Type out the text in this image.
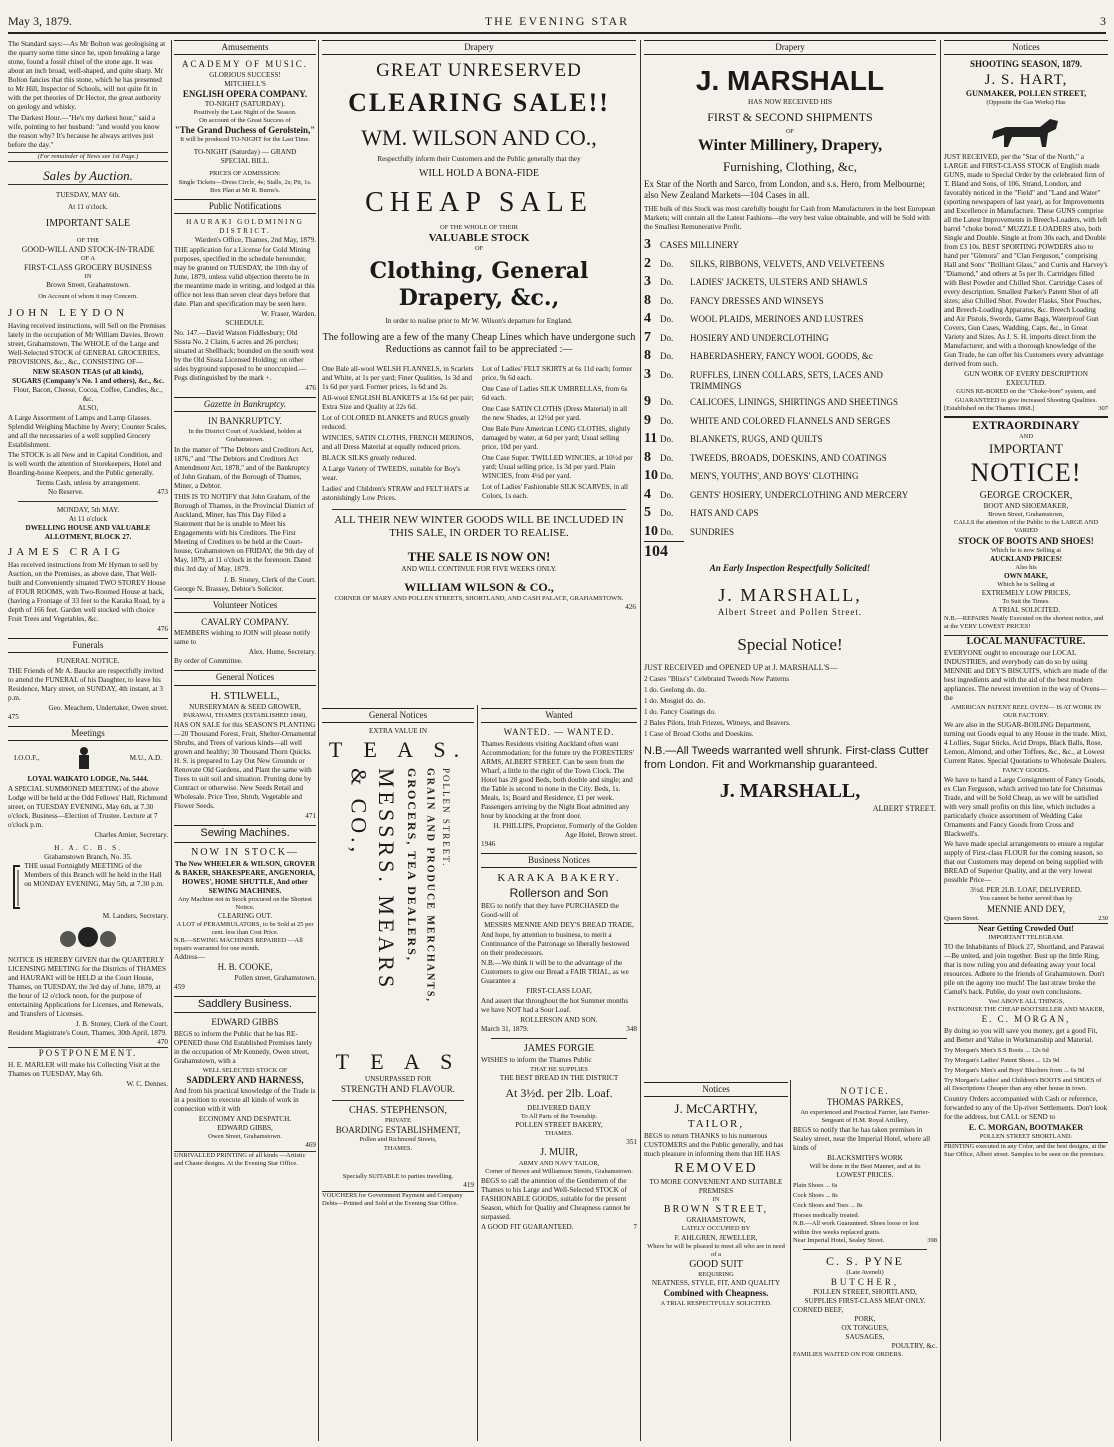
May 3, 1879.	THE EVENING STAR	3

The Standard says:—As Mr Bolton was geologising at the quarry some time since he, upon breaking a large stone, found a fossil chisel of the stone age. It was about an inch broad, well-shaped, and quite sharp. Mr Bolton fancies that this stone, which he has presented to Mr Hill, Inspector of Schools, will not quite fit in with the pet theories of Dr Hector, the great authority on geology and whisky.

The Darkest Hour.—"He's my darkest hour," said a wife, pointing to her husband: "and would you know the reason why? It's because he always arrives just before the day."

(For remainder of News see 1st Page.)
Sales by Auction.
TUESDAY, MAY 6th.
At 11 o'clock.
IMPORTANT SALE
OF THE
GOOD-WILL AND STOCK-IN-TRADE
OF A
FIRST-CLASS GROCERY BUSINESS
IN
Brown Street, Grahamstown.
On Account of whom it may Concern.
JOHN LEYDON

Having received instructions, will Sell on the Premises lately in the occupation of Mr William Davies, Brown street, Grahamstown, The WHOLE of the Large and Well-Selected STOCK of GENERAL GROCERIES, PROVISIONS, &c., &c., CONSISTING OF—

NEW SEASON TEAS (of all kinds),
SUGARS (Company's No. 1 and others), &c., &c.
Flour, Bacon, Cheese, Cocoa, Coffee, Candles, &c., &c.
ALSO,

A Large Assortment of Lamps and Lamp Glasses. Splendid Weighing Machine by Avery; Counter Scales, and all the necessaries of a well supplied Grocery Establishment.

The STOCK is all New and in Capital Condition, and is well worth the attention of Storekeepers, Hotel and Boarding-house Keepers, and the Public generally.

Terms Cash, unless by arrangement.
No Reserve.	473
MONDAY, 5th MAY.
At 11 o'clock
DWELLING HOUSE AND VALUABLE ALLOTMENT, BLOCK 27.
JAMES CRAIG

Has received instructions from Mr Hyman to sell by Auction, on the Premises, as above date, That Well-built and Conveniently situated TWO STOREY House of FOUR ROOMS, with Two-Roomed House at back, (having a Frontage of 33 feet to the Karaka Road, by a depth of 166 feet. Garden well stocked with choice Fruit Trees and Vegetables, &c.

476
Funerals
FUNERAL NOTICE.

THE Friends of Mr A. Baucke are respectfully invited to attend the FUNERAL of his Daughter, to leave his Residence, Mary street, on SUNDAY, 4th instant, at 3 p.m.

Geo. Meachem, Undertaker, Owen street.
475
Meetings
I.O.O.F.,	M.U., A.D.
LOYAL WAIKATO LODGE, No. 5444.

A SPECIAL SUMMONED MEETING of the above Lodge will be held at the Odd Fellows' Hall, Richmond street, on TUESDAY EVENING, May 6th, at 7.30 o'clock. Business—Election of Trustee. Lecture at 7 o'clock p.m.

Charles Amier, Secretary.
H. A. C. B. S.
Grahamstown Branch, No. 35.

THE usual Fortnightly MEETING of the Members of this Branch will be held in the Hall on MONDAY EVENING, May 5th, at 7.30 p.m.

M. Landers, Secretary.

NOTICE IS HEREBY GIVEN that the QUARTERLY LICENSING MEETING for the Districts of THAMES and HAURAKI will be HELD at the Court House, Thames, on TUESDAY, the 3rd day of June, 1879, at the hour of 12 o'clock noon, for the purpose of entertaining Applications for Licenses, and Renewals, and Transfers of Licenses.

J. B. Stoney, Clerk of the Court.
Resident Magistrate's Court, Thames, 30th April, 1879.
470
POSTPONEMENT.

H. E. MARLER will make his Collecting Visit at the Thames on TUESDAY, May 6th.

W. C. Dennes.
Amusements
ACADEMY OF MUSIC.
GLORIOUS SUCCESS!
MITCHELL'S
ENGLISH OPERA COMPANY.
TO-NIGHT (SATURDAY).
Positively the Last Night of the Season.
On account of the Great Success of
"The Grand Duchess of Gerolstein,"
It will be produced TO-NIGHT for the Last Time.
TO-NIGHT (Saturday) — GRAND
SPECIAL BILL.
PRICES OF ADMISSION:
Single Tickets—Dress Circle, 4s; Stalls, 2s; Pit, 1s. Box Plan at Mr R. Burns's.
Public Notifications
HAURAKI GOLDMINING DISTRICT.
Warden's Office, Thames, 2nd May, 1879.

THE application for a License for Gold Mining purposes, specified in the schedule hereunder, may be granted on TUESDAY, the 10th day of June, 1879, unless valid objection thereto be in the meantime made in writing, and lodged at this office not less than seven clear days before that date. Plan and specification may be seen here.

W. Fraser, Warden.
SCHEDULE.

No. 147.—David Watson Fiddlesbury; Old Sissta No. 2 Claim, 6 acres and 26 perches; situated at Shellback; bounded on the south west by the Old Sissta Licensed Holding; on other sides byground supposed to be unoccupied.—Pegs distinguished by the mark +.

476
Gazette in Bankruptcy.
IN BANKRUPTCY.
In the District Court of Auckland, holden at Grahamstown.

In the matter of "The Debtors and Creditors Act, 1876," and "The Debtors and Creditors Act Amendment Act, 1878," and of the Bankruptcy of John Graham, of the Borough of Thames, Miner, a Debtor.

THIS IS TO NOTIFY that John Graham, of the Borough of Thames, in the Provincial District of Auckland, Miner, has This Day Filed a Statement that he is unable to Meet his Engagements with his Creditors. The First Meeting of Creditors to be held at the Court-house, Grahamstown on FRIDAY, the 9th day of May, 1879, at 11 o'clock in the forenoon. Dated this 3rd day of May, 1879.

J. B. Stoney, Clerk of the Court.
George N. Brassey, Debtor's Solicitor.
Volunteer Notices
CAVALRY COMPANY.

MEMBERS wishing to JOIN will please notify same to

Alex. Hume, Secretary.
By order of Committee.
General Notices
H. STILWELL,
NURSERYMAN & SEED GROWER,
PARAWAI, THAMES (ESTABLISHED 1868),

HAS ON SALE for this SEASON'S PLANTING—20 Thousand Forest, Fruit, Shelter-Ornamental Shrubs, and Trees of various kinds—all well grown and healthy; 30 Thousand Thorn Quicks. H. S. is prepared to Lay Out New Grounds or Renovate Old Gardens, and Plant the same with Trees to suit soil and situation. Pruning done by Contract or otherwise. New Seeds Retail and Wholesale. Price Tree, Shrub, Vegetable and Flower Seeds.

471
Sewing Machines.
NOW IN STOCK—
The New WHEELER & WILSON, GROVER & BAKER, SHAKESPEARE, ANGENORIA, HOWES', HOME SHUTTLE, And other SEWING MACHINES.
Any Machine not in Stock procured on the Shortest Notice.
CLEARING OUT.
A LOT of PERAMBULATORS, to be Sold at 25 per cent. less than Cost Price.
N.B.—SEWING MACHINES REPAIRED —All repairs warranted for one month.
Address—
H. B. COOKE,
Pollen street, Grahamstown.
459
Saddlery Business.
EDWARD GIBBS

BEGS to inform the Public that he has RE-OPENED those Old Established Premises lately in the occupation of Mr Kennedy, Owen street, Grahamstown, with a

WELL SELECTED STOCK OF
SADDLERY AND HARNESS,

And from his practical knowledge of the Trade is in a position to execute all kinds of work in connection with it with

ECONOMY AND DESPATCH.
EDWARD GIBBS,
Owen Street, Grahamstown.
469

UNRIVALLED PRINTING of all kinds —Artistic and Chaste designs. At the Evening Star Office.

Drapery
GREAT UNRESERVED
CLEARING SALE!!
WM. WILSON AND CO.,
Respectfully inform their Customers and the Public generally that they
WILL HOLD A BONA-FIDE
CHEAP SALE
OF THE WHOLE OF THEIR
VALUABLE STOCK
OF
Clothing, General Drapery, &c.,
In order to realise prior to Mr W. Wilson's departure for England.
The following are a few of the many Cheap Lines which have undergone such Reductions as cannot fail to be appreciated :—
One Bale all-wool WELSH FLANNELS, in Scarlets and White, at 1s per yard; Finer Qualities, 1s 3d and 1s 6d per yard. Former prices, 1s 6d and 2s.
All-wool ENGLISH BLANKETS at 15s 6d per pair; Extra Size and Quality at 22s 6d.
Lot of COLORED BLANKETS and RUGS greatly reduced.
WINCIES, SATIN CLOTHS, FRENCH MERINOS, and all Dress Material at equally reduced prices.
BLACK SILKS greatly reduced.
A Large Variety of TWEEDS, suitable for Boy's wear.
Ladies' and Children's STRAW and FELT HATS at astonishingly Low Prices.
Lot of Ladies' FELT SKIRTS at 6s 11d each; former price, 9s 6d each.
One Case of Ladies SILK UMBRELLAS, from 6s 6d each.
One Case SATIN CLOTHS (Dress Material) in all the new Shades, at 12½d per yard.
One Bale Pure American LONG CLOTHS, slightly damaged by water, at 6d per yard; Usual selling price, 10d per yard.
One Case Super. TWILLED WINCIES, at 10½d per yard; Usual selling price, 1s 3d per yard. Plain WINCIES, from 4½d per yard.
Lot of Ladies' Fashionable SILK SCARVES, in all Colors, 1s each.
ALL THEIR NEW WINTER GOODS WILL BE INCLUDED IN THIS SALE, IN ORDER TO REALISE.
THE SALE IS NOW ON!
AND WILL CONTINUE FOR FIVE WEEKS ONLY.
WILLIAM WILSON & CO.,
CORNER OF MARY AND POLLEN STREETS, SHORTLAND, AND CASH PALACE, GRAHAMSTOWN.
426
General Notices
EXTRA VALUE IN
T E A S.
MESSRS. MEARS & CO.,	GROCERS, TEA DEALERS, GRAIN AND PRODUCE MERCHANTS, POLLEN STREET.
T E A S
UNSURPASSED FOR
STRENGTH AND FLAVOUR.
CHAS. STEPHENSON,
PRIVATE
BOARDING ESTABLISHMENT,
Pollen and Richmond Streets,
THAMES.
Specially SUITABLE to parties travelling.
419

VOUCHERS for Government Payment and Company Debts—Printed and Sold at the Evening Star Office.

Wanted
WANTED. — WANTED.

Thames Residents visiting Auckland often want Accommodation; for the future try the FORESTERS' ARMS, ALBERT STREET. Can be seen from the Wharf, a little to the right of the Town Clock. The Hotel has 28 good Beds, both double and single; and the Table is second to none in the City. Beds, 1s. Meals, 1s; Board and Residence, £1 per week. Passengers arriving by the Night Boat admitted any hour by knocking at the front door.

H. PHILLIPS, Proprietor, Formerly of the Golden Age Hotel, Brown street.
1946
Business Notices
KARAKA BAKERY.
Rollerson and Son

BEG to notify that they have PURCHASED the Good-will of

MESSRS MENNIE AND DEY'S BREAD TRADE,

And hope, by attention to business, to merit a Continuance of the Patronage so liberally bestowed on their predecessors.

N.B.—We think it will be to the advantage of the Customers to give our Bread a FAIR TRIAL, as we Guarantee a

FIRST-CLASS LOAF,

And assert that throughout the hot Summer months we have NOT had a Sour Loaf.

ROLLERSON AND SON.
March 31, 1879.	348
JAMES FORGIE

WISHES to inform the Thames Public

THAT HE SUPPLIES
THE BEST BREAD IN THE DISTRICT
At 3½d. per 2lb. Loaf.
DELIVERED DAILY
To All Parts of the Township.
POLLEN STREET BAKERY,
THAMES.
351
J. MUIR,
ARMY AND NAVY TAILOR,
Corner of Brown and Williamson Streets, Grahamstown.

BEGS to call the attention of the Gentlemen of the Thames to his Large and Well-Selected STOCK of FASHIONABLE GOODS, suitable for the present Season, which for Quality and Cheapness cannot be surpassed.

A GOOD FIT GUARANTEED.	7
Drapery
J. MARSHALL
HAS NOW RECEIVED HIS
FIRST & SECOND SHIPMENTS
OF
Winter Millinery, Drapery,
Furnishing, Clothing, &c,

Ex Star of the North and Sarco, from London, and s.s. Hero, from Melbourne; also New Zealand Markets—104 Cases in all.

THE bulk of this Stock was most carefully bought for Cash from Manufacturers in the best European Markets; will contain all the Latest Fashions—the very best value obtainable, and will be Sold with the Smallest Remunerative Profit.

3	CASES MILLINERY
2	Do.	SILKS, RIBBONS, VELVETS, AND VELVETEENS
3	Do.	LADIES' JACKETS, ULSTERS AND SHAWLS
8	Do.	FANCY DRESSES AND WINSEYS
4	Do.	WOOL PLAIDS, MERINOES AND LUSTRES
7	Do.	HOSIERY AND UNDERCLOTHING
8	Do.	HABERDASHERY, FANCY WOOL GOODS, &c
3 Do.	RUFFLES, LINEN COLLARS, SETS, LACES AND TRIMMINGS
9	Do.	CALICOES, LININGS, SHIRTINGS AND SHEETINGS
9	Do.	WHITE AND COLORED FLANNELS AND SERGES
11 Do.	BLANKETS, RUGS, AND QUILTS
8	Do.	TWEEDS, BROADS, DOESKINS, AND COATINGS
10 Do.	MEN'S, YOUTHS', AND BOYS' CLOTHING
4	Do.	GENTS' HOSIERY, UNDERCLOTHING AND MERCERY
5	Do.	HATS AND CAPS
10 Do.	SUNDRIES
104
An Early Inspection Respectfully Solicited!
J. MARSHALL,
Albert Street and Pollen Street.
Special Notice!

JUST RECEIVED and OPENED UP at J. MARSHALL'S—

2 Cases "Bliss's" Celebrated Tweeds New Patterns
1 do. Geelong do. do.
1 do. Mosgiel do. do.
1 do. Fancy Coatings do.
2 Bales Pilots, Irish Friezes, Witneys, and Beavers.
1 Case of Broad Cloths and Doeskins.

N.B.—All Tweeds warranted well shrunk. First-class Cutter from London. Fit and Workmanship guaranteed.

J. MARSHALL,
ALBERT STREET.
Notices
J. McCARTHY,
TAILOR,

BEGS to return THANKS to his numerous CUSTOMERS and the Public generally, and has much pleasure in informing them that HE HAS

REMOVED
TO MORE CONVENIENT AND SUITABLE PREMISES
IN
BROWN STREET,
GRAHAMSTOWN,
LATELY OCCUPIED BY
F. AHLGREN, JEWELLER,
Where he will be pleased to meet all who are in need of a
GOOD SUIT
REQUIRING
NEATNESS, STYLE, FIT, AND QUALITY
Combined with Cheapness.
A TRIAL RESPECTFULLY SOLICITED.
NOTICE.
THOMAS PARKES,
An experienced and Practical Farrier, late Farrier-Sergeant of H.M. Royal Artillery,

BEGS to notify that he has taken premises in Sealey street, near the Imperial Hotel, where all kinds of

BLACKSMITH'S WORK
Will be done in the Best Manner, and at its
LOWEST PRICES.
Plain Shoes ... 6s
Cock Shoes ... 8s
Cock Shoes and Toes ... 8s
Horses medically treated.
N.B.—All work Guaranteed. Shoes loose or lost within five weeks replaced gratis.
Near Imperial Hotel, Sealey Street.	398
C. S. PYNE
(Late Aveneli)
BUTCHER,
POLLEN STREET, SHORTLAND,
SUPPLIES FIRST-CLASS MEAT ONLY.
CORNED BEEF,
PORK,
OX TONGUES,
SAUSAGES,
POULTRY, &c.
FAMILIES WAITED ON FOR ORDERS.
Notices
SHOOTING SEASON, 1879.
J. S. HART,
GUNMAKER, POLLEN STREET,
(Opposite the Gas Works) Has

JUST RECEIVED, per the "Star of the North," a LARGE and FIRST-CLASS STOCK of English made GUNS, made to Special Order by the celebrated firm of T. Bland and Sons, of 106, Strand, London, and favorably noticed in the "Field" and "Land and Water" (sporting newspapers of last year), as for Improvements and Excellence in Manufacture. These GUNS comprise all the Latest Improvements in Breech-Loaders, with left barrel "choke bored." MUZZLE LOADERS also, both Single and Double. Single at from 30s each, and Double from £3 10s. BEST SPORTING POWDERS also to hand per "Glenora" and "Clan Ferguson," comprising Hall and Sons' "Brilliant Glass," and Curtis and Harvey's "Diamond," and others at 5s per lb. Cartridges filled with Best Powder and Chilled Shot. Cartridge Cases of every description. Smallest Parker's Patent Shot of all sizes; also Chilled Shot. Powder Flasks, Shot Pouches, and Breech-Loading Apparatus, &c. Breech Loading and Air Pistols, Swords, Game Bags, Waterproof Gun Covers, Gun Cases, Wadding, Caps, &c., in Great Variety and Sizes. As J. S. H. imports direct from the Manufacturer, and with a thorough knowledge of the Gun Trade, he can offer his Customers every advantage derived from such.

GUN WORK OF EVERY DESCRIPTION EXECUTED.
GUNS RE-BORED on the "Choke-bore" system, and GUARANTEED to give increased Shooting Qualities.
[Established on the Thames 1868.]	307
EXTRAORDINARY
AND
IMPORTANT
NOTICE!
GEORGE CROCKER,
BOOT AND SHOEMAKER,
Brown Street, Grahamstown,
CALLS the attention of the Public to the LARGE AND VARIED
STOCK OF BOOTS AND SHOES!
Which he is now Selling at
AUCKLAND PRICES!
Also his
OWN MAKE,
Which he is Selling at
EXTREMELY LOW PRICES,
To Suit the Times.
A TRIAL SOLICITED.
N.B.—REPAIRS Neatly Executed on the shortest notice, and at the VERY LOWEST PRICES!
LOCAL MANUFACTURE.

EVERYONE ought to encourage our LOCAL INDUSTRIES, and everybody can do so by using MENNIE and DEY'S BISCUITS, which are made of the best ingredients and with the aid of the best modern appliances. The newest invention in the way of Ovens—the

AMERICAN PATENT REEL OVEN— IS AT WORK IN OUR FACTORY.

We are also in the SUGAR-BOILING Department, turning out Goods equal to any House in the trade. Mixt, 4 Lollies, Sugar Sticks, Acid Drops, Black Balls, Rose, Lemon, Almond, and other Toffees, &c., &c., at Lowest Current Rates. Special Quotations to Wholesale Dealers.

FANCY GOODS.

We have to hand a Large Consignment of Fancy Goods, ex Clan Ferguson, which arrived too late for Christmas Trade, and will be Sold Cheap, as we will be satisfied with very small profits on this line, which includes a particularly choice assortment of Wedding Cake Ornaments and Fancy Goods from Cross and Blackwell's.

We have made special arrangements to ensure a regular supply of First-class FLOUR for the coming season, so that our Customers may depend on being supplied with BREAD of Superior Quality, and at the very lowest possible Price—

3½d. PER 2LB. LOAF, DELIVERED.
You cannot be better served than by
MENNIE AND DEY,
Queen Street.	230
Near Getting Crowded Out!
IMPORTANT TELEGRAM.

TO the Inhabitants of Block 27, Shortland, and Parawai—Be united, and join together. Bust up the little Ring, that is now ruling you and defeating away your local resources. Adhere to the friends of Grahamstown. Don't pile on the agony too much! The last straw broke the Camel's back. Publie, do your own conclusions.

Yes! ABOVE ALL THINGS,
PATRONISE THE CHEAP BOOTSELLER AND MAKER,
E. C. MORGAN,

By doing so you will save you money, get a good Fit, and Better and Value in Workmanship and Material.

Try Morgan's Men's S.S Boots ... 12s 6d
Try Morgan's Ladies' Patent Shoes ... 12s 9d
Try Morgan's Men's and Boys' Bluchers from ... 6s 9d
Try Morgan's Ladies' and Children's BOOTS and SHOES of all Descriptions Cheaper than any other house in town.

Country Orders accompanied with Cash or reference, forwarded to any of the Up-river Settlements. Don't look for the address, but CALL or SEND to

E. C. MORGAN, BOOTMAKER
POLLEN STREET SHORTLAND.

PRINTING executed in any Color, and the best designs, at the Star Office, Albert street. Samples to be seen on the premises.
